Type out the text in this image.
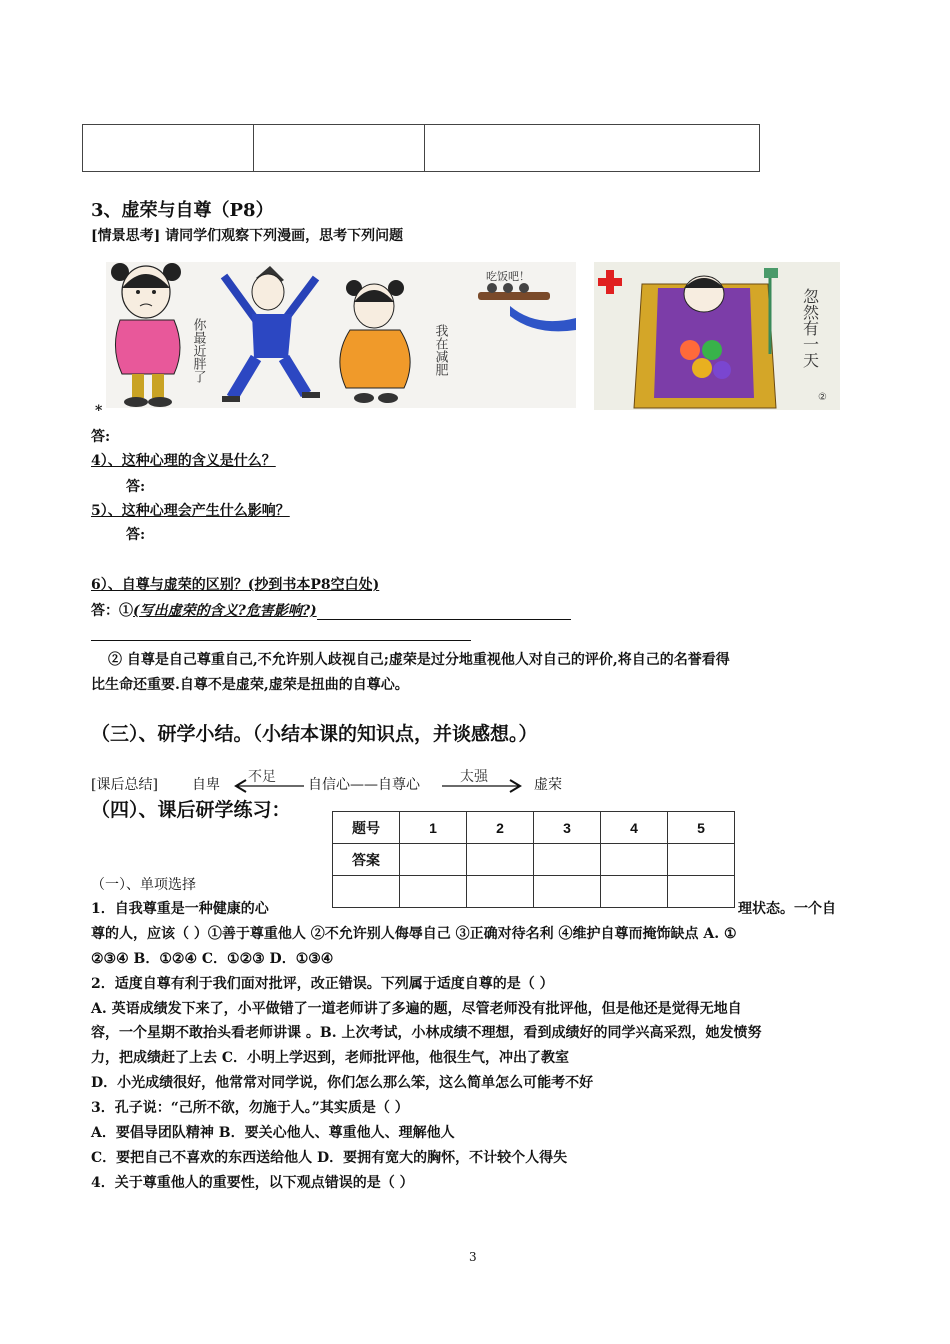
3、虚荣与自尊（P8）
[情景思考] 请同学们观察下列漫画，思考下列问题
你最近胖了	我在减肥
吃饭吧！
忽然有一天
②
*
答:
4）、这种心理的含义是什么？
答:
5）、这种心理会产生什么影响？
答:
6）、自尊与虚荣的区别？(抄到书本P8空白处)
答：①(写出虚荣的含义?危害影响?)
② 自尊是自己尊重自己,不允许别人歧视自己;虚荣是过分地重视他人对自己的评价,将自己的名誉看得
比生命还重要.自尊不是虚荣,虚荣是扭曲的自尊心。
（三）、研学小结。（小结本课的知识点，并谈感想。）
[课后总结] 自卑 不足 自信心——自尊心	太强	虚荣
（四）、课后研学练习：
题号	1	2	3	4	5
答案					

（一）、单项选择
1．自我尊重是一种健康的心	理状态。一个自
尊的人，应该（ ）①善于尊重他人 ②不允许别人侮辱自己 ③正确对待名利 ④维护自尊而掩饰缺点 A. ①
②③④ B．①②④ C．①②③ D．①③④
2．适度自尊有利于我们面对批评，改正错误。下列属于适度自尊的是（ ）
A. 英语成绩发下来了，小平做错了一道老师讲了多遍的题，尽管老师没有批评他，但是他还是觉得无地自
容，一个星期不敢抬头看老师讲课 。B. 上次考试，小林成绩不理想，看到成绩好的同学兴高采烈，她发愤努
力，把成绩赶了上去 C．小明上学迟到，老师批评他，他很生气，冲出了教室
D．小光成绩很好，他常常对同学说，你们怎么那么笨，这么简单怎么可能考不好
3．孔子说：“己所不欲，勿施于人。”其实质是（ ）
A．要倡导团队精神 B．要关心他人、尊重他人、理解他人
C．要把自己不喜欢的东西送给他人 D．要拥有宽大的胸怀，不计较个人得失
4．关于尊重他人的重要性，以下观点错误的是（ ）
3
